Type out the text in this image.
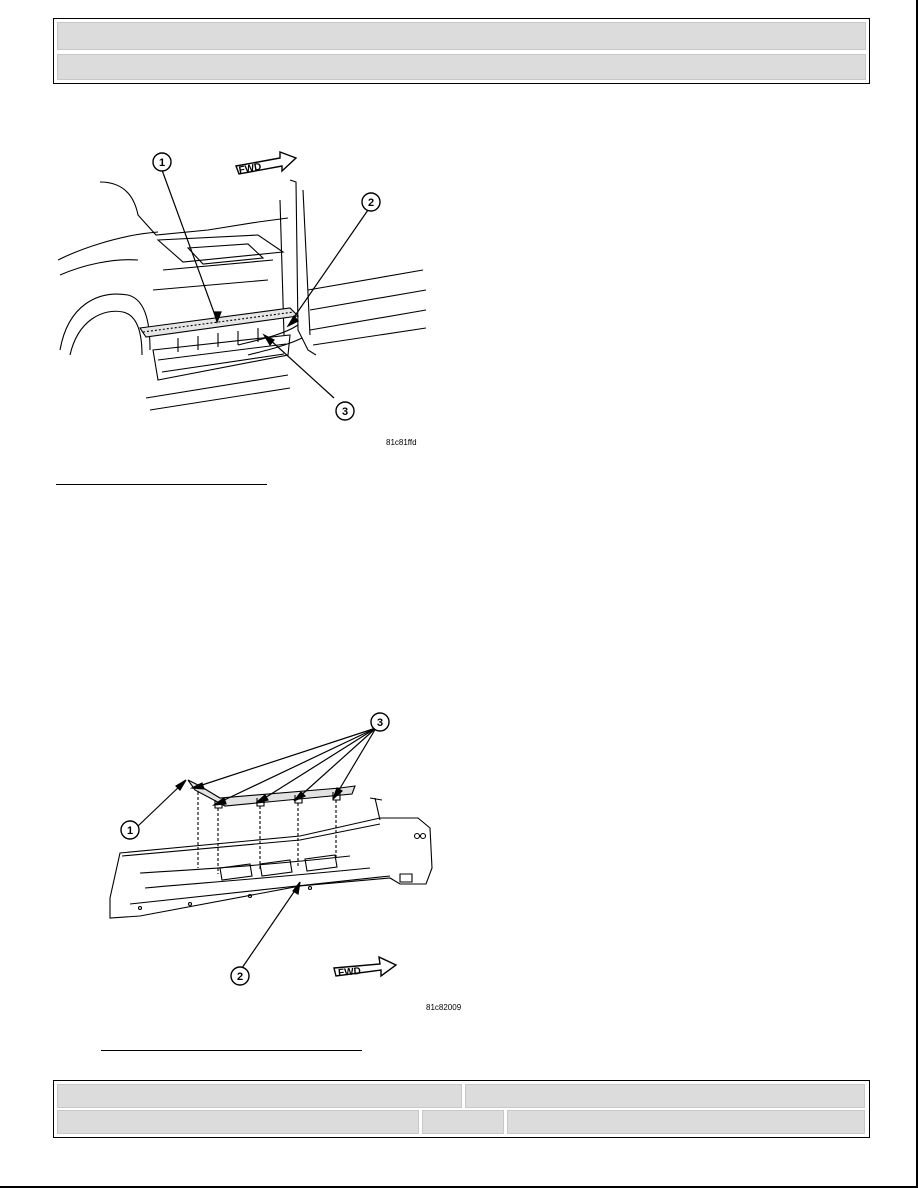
FWD
1
2
3
81c81ffd
FWD
3
1
2
81c82009
